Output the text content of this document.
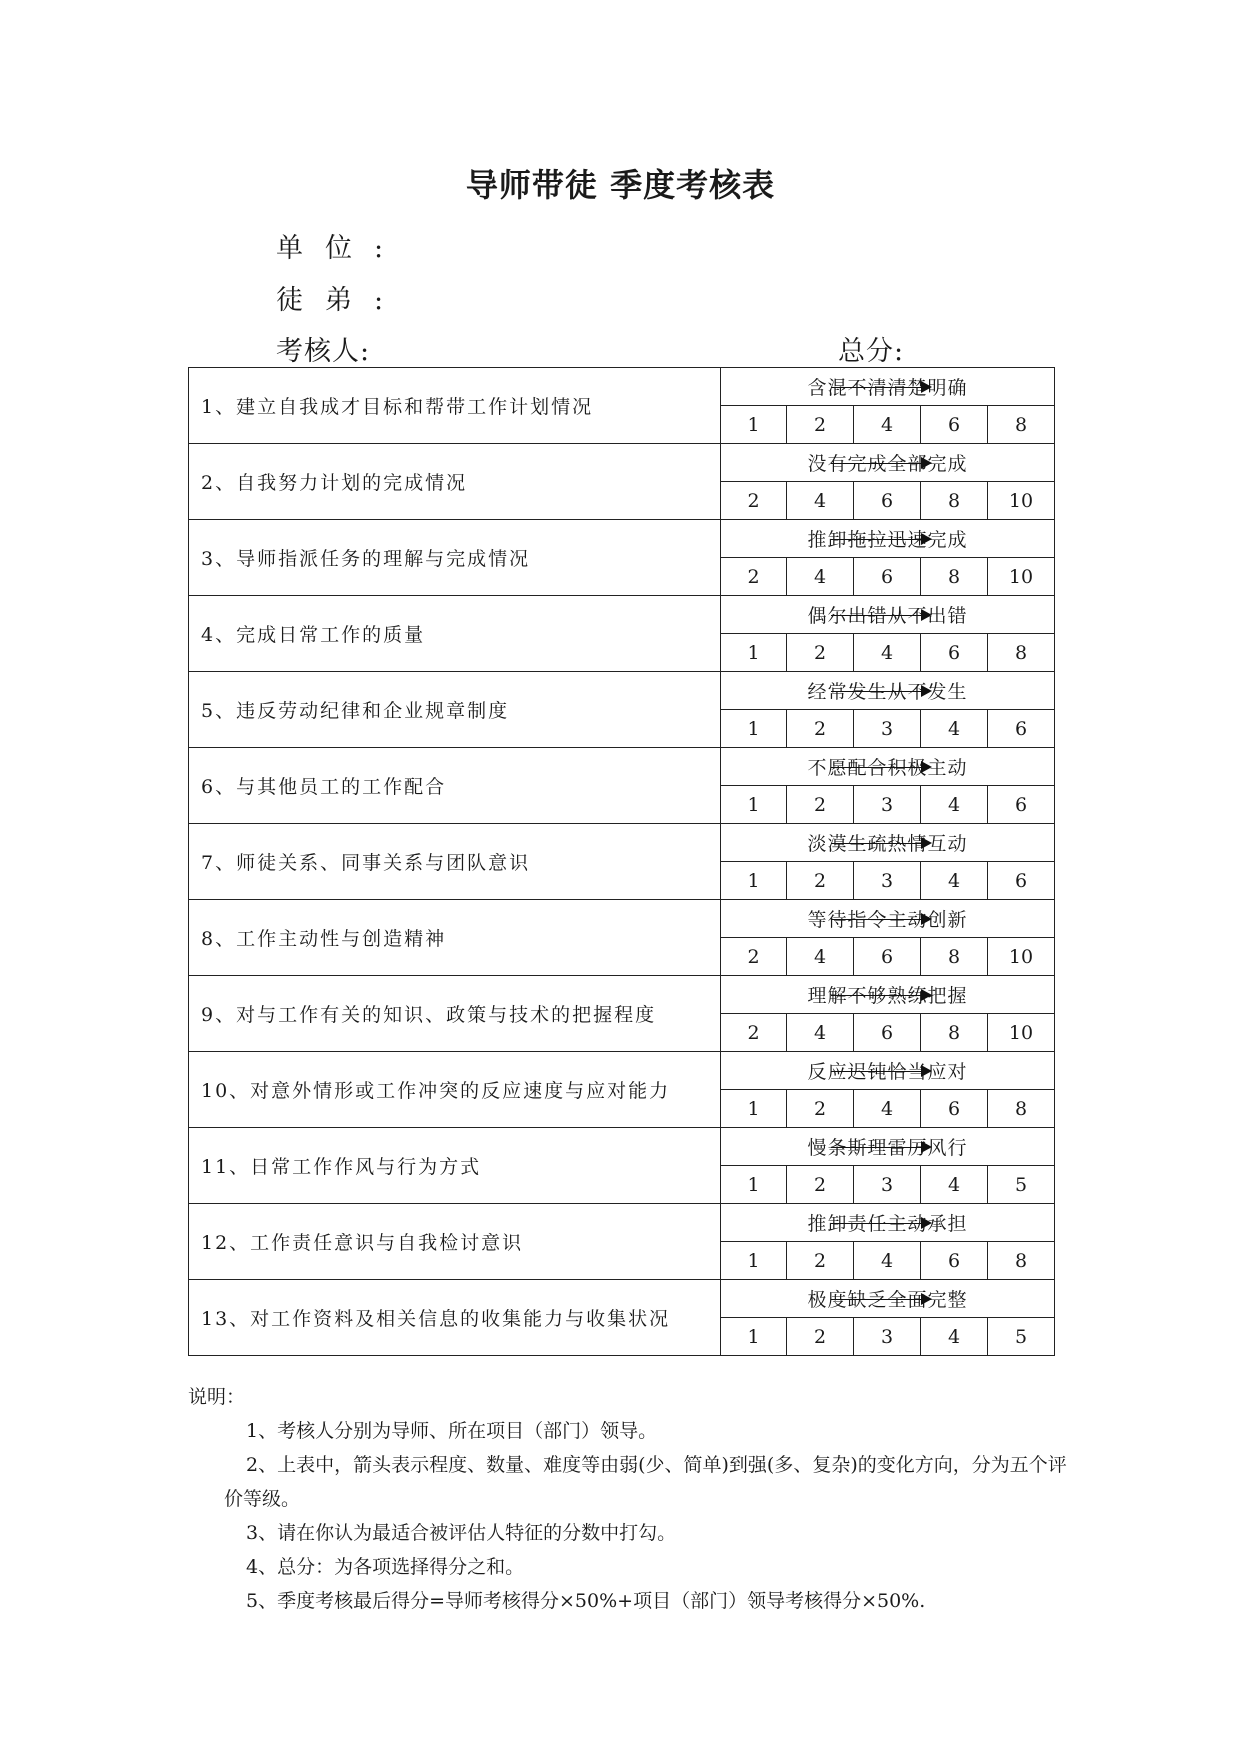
导师带徒 季度考核表
单位:
徒弟:
考核人:	总分:
1、建立自我成才目标和帮带工作计划情况	含混不清清楚明确				

	1	2	4	6	8
2、自我努力计划的完成情况	没有完成全部完成				

	2	4	6	8	10
3、导师指派任务的理解与完成情况	推卸拖拉迅速完成				

	2	4	6	8	10
4、完成日常工作的质量	偶尔出错从不出错				

	1	2	4	6	8
5、违反劳动纪律和企业规章制度	经常发生从不发生				

	1	2	3	4	6
6、与其他员工的工作配合	不愿配合积极主动				

	1	2	3	4	6
7、师徒关系、同事关系与团队意识	淡漠生疏热情互动				

	1	2	3	4	6
8、工作主动性与创造精神	等待指令主动创新				

	2	4	6	8	10
9、对与工作有关的知识、政策与技术的把握程度	理解不够熟练把握				

	2	4	6	8	10
10、对意外情形或工作冲突的反应速度与应对能力	反应迟钝恰当应对				

	1	2	4	6	8
11、日常工作作风与行为方式	慢条斯理雷厉风行				

	1	2	3	4	5
12、工作责任意识与自我检讨意识	推卸责任主动承担				

	1	2	4	6	8
13、对工作资料及相关信息的收集能力与收集状况	极度缺乏全面完整				

	1	2	3	4	5
说明：

1、考核人分别为导师、所在项目（部门）领导。

2、上表中，箭头表示程度、数量、难度等由弱(少、简单)到强(多、复杂)的变化方向，分为五个评价等级。

3、请在你认为最适合被评估人特征的分数中打勾。

4、总分：为各项选择得分之和。

5、季度考核最后得分=导师考核得分×50%+项目（部门）领导考核得分×50%.
